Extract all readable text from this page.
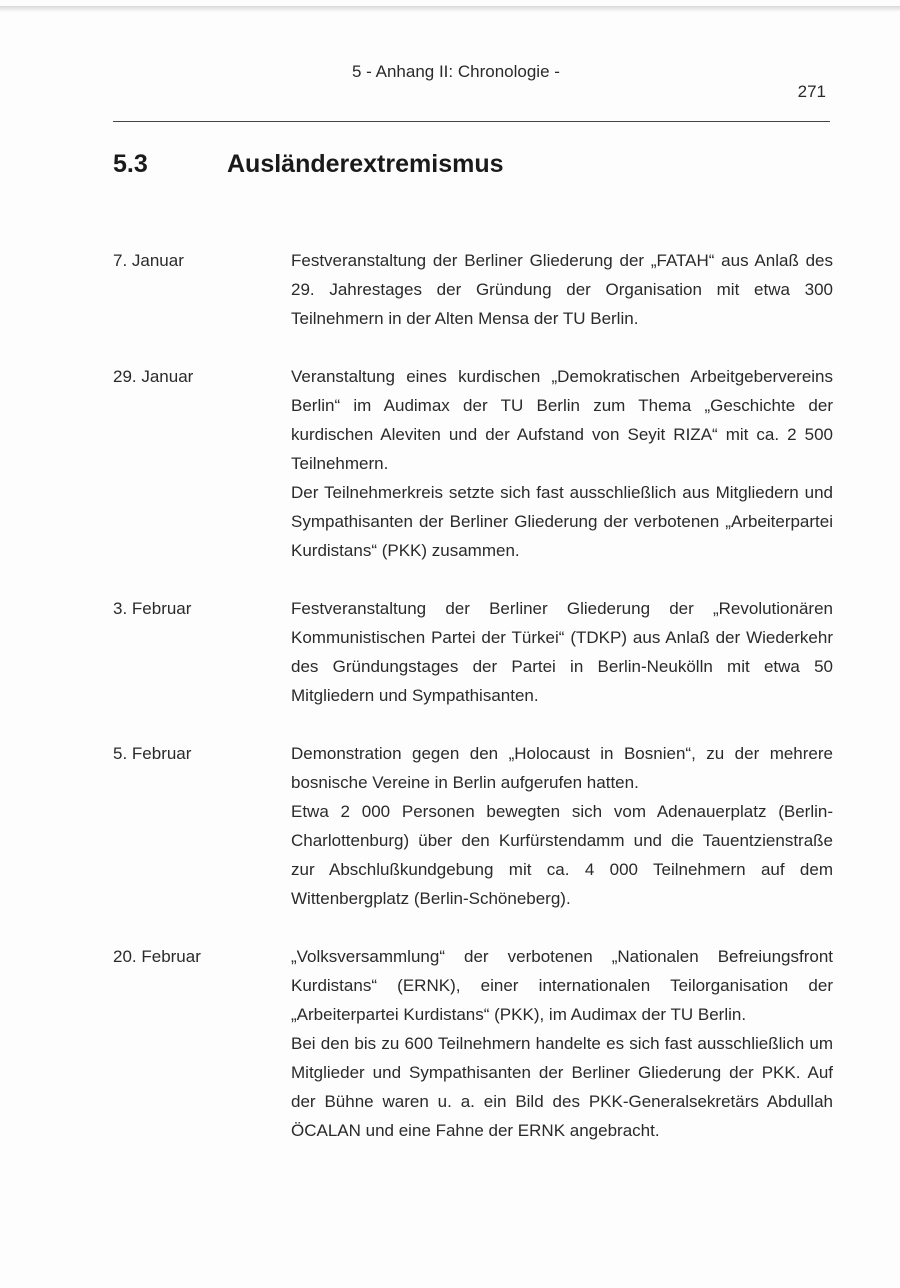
5 - Anhang II: Chronologie -
271
5.3	Ausländerextremismus
7. Januar	Festveranstaltung der Berliner Gliederung der „FATAH“ aus Anlaß des 29. Jahrestages der Gründung der Organisation mit etwa 300 Teilnehmern in der Alten Mensa der TU Berlin.

29. Januar	Veranstaltung eines kurdischen „Demokratischen Arbeitgebervereins Berlin“ im Audimax der TU Berlin zum Thema „Geschichte der kurdischen Aleviten und der Aufstand von Seyit RIZA“ mit ca. 2 500 Teilnehmern.

Der Teilnehmerkreis setzte sich fast ausschließlich aus Mitgliedern und Sympathisanten der Berliner Gliederung der verbotenen „Arbeiterpartei Kurdistans“ (PKK) zusammen.

3. Februar	Festveranstaltung der Berliner Gliederung der „Revolutionären Kommunistischen Partei der Türkei“ (TDKP) aus Anlaß der Wiederkehr des Gründungstages der Partei in Berlin-Neukölln mit etwa 50 Mitgliedern und Sympathisanten.

5. Februar	Demonstration gegen den „Holocaust in Bosnien“, zu der mehrere bosnische Vereine in Berlin aufgerufen hatten.

Etwa 2 000 Personen bewegten sich vom Adenauerplatz (Berlin-Charlottenburg) über den Kurfürstendamm und die Tauentzienstraße zur Abschlußkundgebung mit ca. 4 000 Teilnehmern auf dem Wittenbergplatz (Berlin-Schöneberg).

20. Februar	„Volksversammlung“ der verbotenen „Nationalen Befreiungsfront Kurdistans“ (ERNK), einer internationalen Teilorganisation der „Arbeiterpartei Kurdistans“ (PKK), im Audimax der TU Berlin.

Bei den bis zu 600 Teilnehmern handelte es sich fast ausschließlich um Mitglieder und Sympathisanten der Berliner Gliederung der PKK. Auf der Bühne waren u. a. ein Bild des PKK-Generalsekretärs Abdullah ÖCALAN und eine Fahne der ERNK angebracht.
